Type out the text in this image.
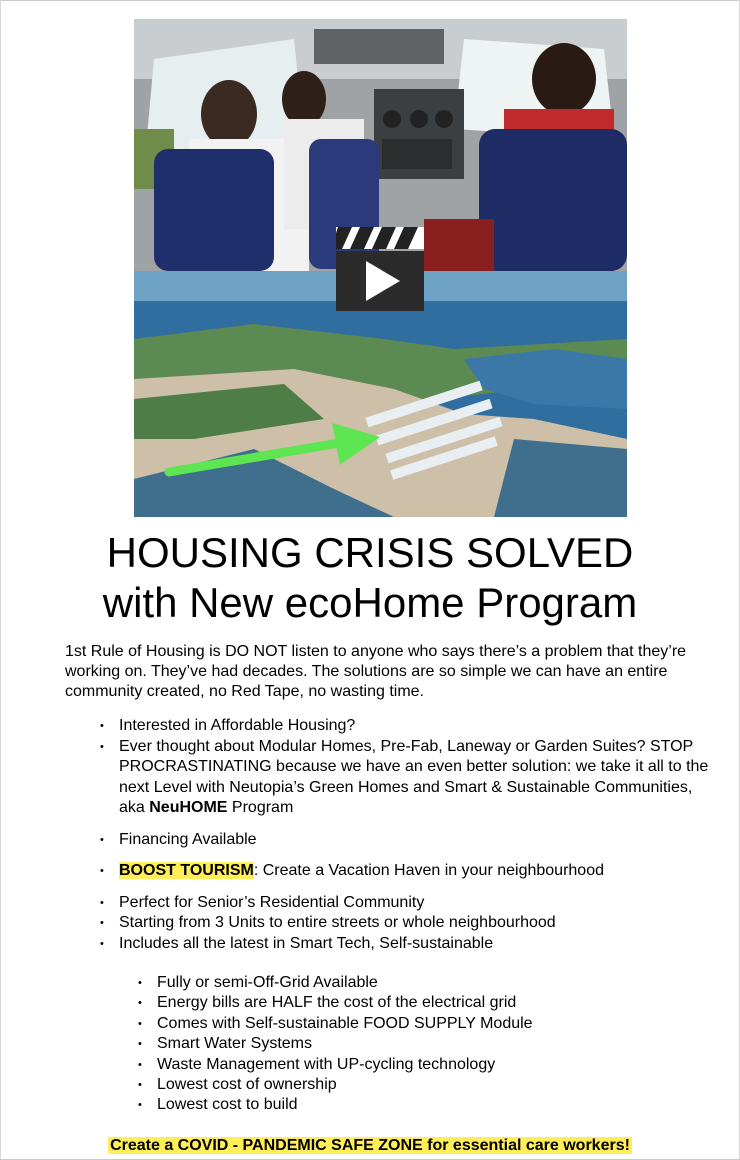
HOUSING CRISIS SOLVED
with New ecoHome Program

1st Rule of Housing is DO NOT listen to anyone who says there’s a problem that they’re working on. They’ve had decades. The solutions are so simple we can have an entire community created, no Red Tape, no wasting time.

• Interested in Affordable Housing?
• Ever thought about Modular Homes, Pre-Fab, Laneway or Garden Suites? STOP PROCRASTINATING because we have an even better solution: we take it all to the next Level with Neutopia’s Green Homes and Smart & Sustainable Communities, aka NeuHOME Program
• Financing Available
• BOOST TOURISM: Create a Vacation Haven in your neighbourhood
• Perfect for Senior’s Residential Community
• Starting from 3 Units to entire streets or whole neighbourhood
• Includes all the latest in Smart Tech, Self-sustainable
• Fully or semi-Off-Grid Available
• Energy bills are HALF the cost of the electrical grid
• Comes with Self-sustainable FOOD SUPPLY Module
• Smart Water Systems
• Waste Management with UP-cycling technology
• Lowest cost of ownership
• Lowest cost to build
Create a COVID - PANDEMIC SAFE ZONE for essential care workers!
